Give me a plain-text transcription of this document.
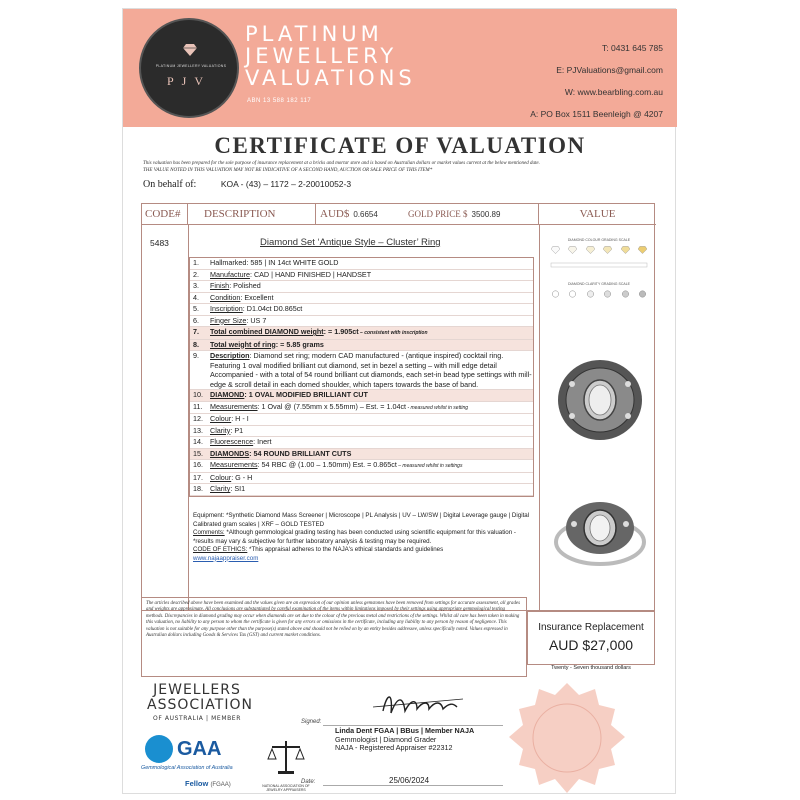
PLATINUM JEWELLERY VALUATIONS
PJV
PLATINUM
JEWELLERY
VALUATIONS
ABN 13 588 182 117
T: 0431 645 785
E: PJValuations@gmail.com
W: www.bearbling.com.au
A: PO Box 1511 Beenleigh @ 4207
CERTIFICATE OF VALUATION
This valuation has been prepared for the sole purpose of insurance replacement at a bricks and mortar store and is based on Australian dollars or market values current at the below mentioned date.
THE VALUE NOTED IN THIS VALUATION MAY NOT BE INDICATIVE OF A SECOND HAND, AUCTION OR SALE PRICE OF THIS ITEM*
On behalf of:	KOA - (43) – 1172 – 2-20010052-3
CODE#	DESCRIPTION	AUD$ 0.6654	GOLD PRICE $ 3500.89	VALUE
5483	Diamond Set ‘Antique Style – Cluster’ Ring
1.	Hallmarked: 585 | IN 14ct WHITE GOLD
2.	Manufacture: CAD | HAND FINISHED | HANDSET
3.	Finish: Polished
4.	Condition: Excellent
5.	Inscription: D1.04ct D0.865ct
6.	Finger Size: US 7
7.	Total combined DIAMOND weight: = 1.905ct – consistent with inscription
8.	Total weight of ring: = 5.85 grams
9.	Description: Diamond set ring; modern CAD manufactured - (antique inspired) cocktail ring. Featuring 1 oval modified brilliant cut diamond, set in bezel a setting – with mill edge detail Accompanied - with a total of 54 round brilliant cut diamonds, each set-in bead type settings with mill-edge & scroll detail in each domed shoulder, which tapers towards the base of band.
10. DIAMOND: 1 OVAL MODIFIED BRILLIANT CUT
11.	Measurements: 1 Oval @ (7.55mm x 5.55mm) – Est. = 1.04ct - measured whilst in setting
12. Colour: H - I
13. Clarity: P1
14. Fluorescence: Inert
15. DIAMONDS: 54 ROUND BRILLIANT CUTS
16. Measurements: 54 RBC @ (1.00 – 1.50mm) Est. = 0.865ct – measured whilst in settings
17. Colour: G - H
18. Clarity: SI1
Equipment: *Synthetic Diamond Mass Screener | Microscope | PL Analysis | UV – LW/SW | Digital Leverage gauge | Digital Calibrated gram scales | XRF – GOLD TESTED
Comments: *Although gemmological grading testing has been conducted using scientific equipment for this valuation - *results may vary & subjective for further laboratory analysis & testing may be required.
CODE OF ETHICS: *This appraisal adheres to the NAJA's ethical standards and guidelines
www.najaappraiser.com
DIAMOND COLOUR GRADING SCALE
DIAMOND CLARITY GRADING SCALE
The articles described above have been examined and the values given are an expression of our opinion unless gemstones have been removed from settings for accurate assessment, all grades and weights are approximate. All conclusions are substantiated by careful examination of the items within limitations imposed by their settings using appropriate gemmological testing methods. Discrepancies in diamond grading may occur when diamonds are set due to the colour of the precious metal and restrictions of the settings. Whilst all care has been taken in making this valuation, no liability to any person to whom the certificate is given for any errors or omissions in the certificate, including any liability to any person by reason of negligence. This valuation is not suitable for any purpose other than the purpose(s) stated above and should not be relied on by an entity besides addressee, unless specifically noted. Values expressed in Australian dollars including Goods & Services Tax (GST) and current market conditions.
Insurance Replacement
AUD $27,000
Twenty - Seven thousand dollars
JEWELLERS
ASSOCIATION
OF AUSTRALIA | MEMBER
GAA
Gemmological Association of Australia
Fellow (FGAA)	NATIONAL ASSOCIATION OF JEWELRY APPRAISERS
Signed:
Linda Dent FGAA | BBus | Member NAJA
Gemmologist | Diamond Grader
NAJA - Registered Appraiser #22312
Date:	25/06/2024
